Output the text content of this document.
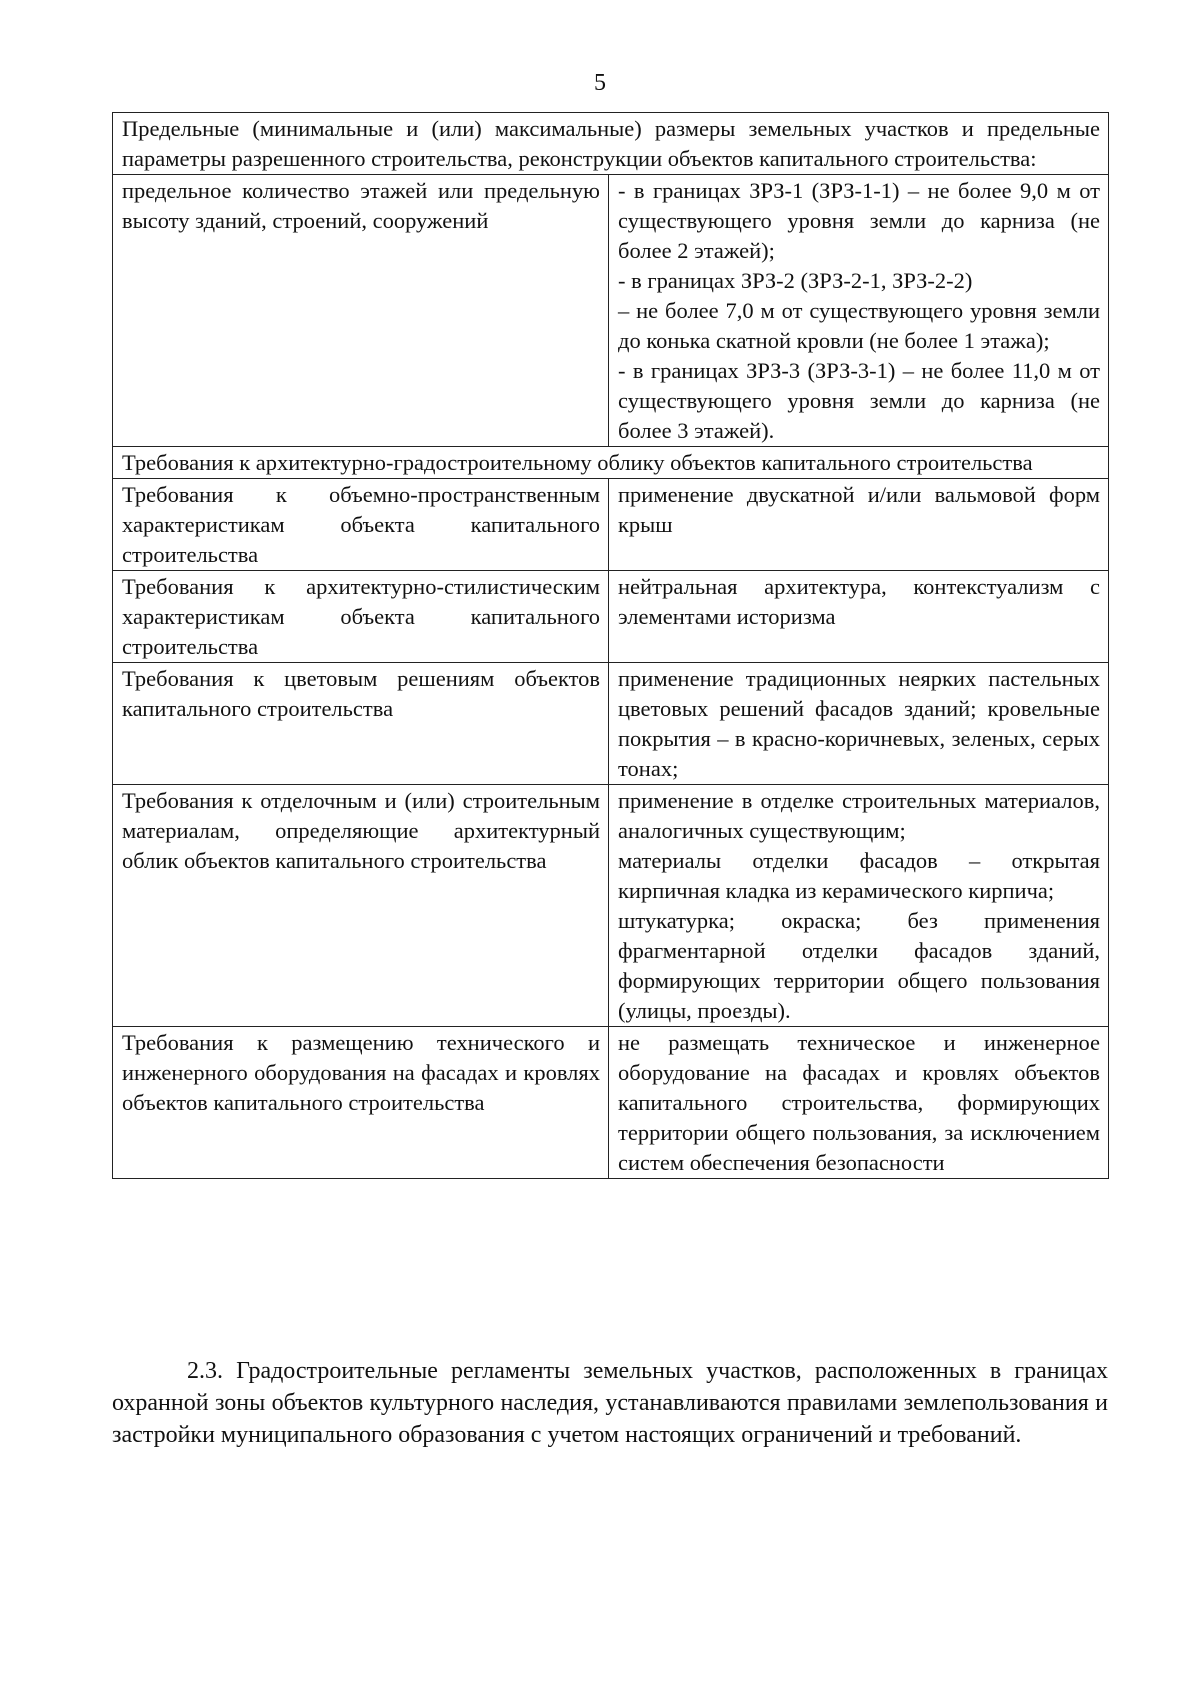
5
Предельные (минимальные и (или) максимальные) размеры земельных участков и предельные параметры разрешенного строительства, реконструкции объектов капитального строительства:	
предельное количество этажей или предельную высоту зданий, строений, сооружений	- в границах ЗРЗ-1 (ЗРЗ-1-1) – не более 9,0 м от существующего уровня земли до карниза (не более 2 этажей);
- в границах ЗРЗ-2 (ЗРЗ-2-1, ЗРЗ-2-2)
– не более 7,0 м от существующего уровня земли до конька скатной кровли (не более 1 этажа);
- в границах ЗРЗ-3 (ЗРЗ-3-1) – не более 11,0 м от существующего уровня земли до карниза (не более 3 этажей).

Требования к архитектурно-градостроительному облику объектов капитального строительства	
Требования к объемно-пространственным характеристикам объекта капитального строительства	применение двускатной и/или вальмовой форм крыш

Требования к архитектурно-стилистическим характеристикам объекта капитального строительства	нейтральная архитектура, контекстуализм с элементами историзма

Требования к цветовым решениям объектов капитального строительства	применение традиционных неярких пастельных цветовых решений фасадов зданий; кровельные покрытия – в красно-коричневых, зеленых, серых тонах;

Требования к отделочным и (или) строительным материалам, определяющие архитектурный облик объектов капитального строительства	применение в отделке строительных материалов, аналогичных существующим;
материалы отделки фасадов – открытая кирпичная кладка из керамического кирпича;
штукатурка; окраска; без применения фрагментарной отделки фасадов зданий, формирующих территории общего пользования (улицы, проезды).

Требования к размещению технического и инженерного оборудования на фасадах и кровлях объектов капитального строительства	не размещать техническое и инженерное оборудование на фасадах и кровлях объектов капитального строительства, формирующих территории общего пользования, за исключением систем обеспечения безопасности

2.3. Градостроительные регламенты земельных участков, расположенных в границах охранной зоны объектов культурного наследия, устанавливаются правилами землепользования и застройки муниципального образования с учетом настоящих ограничений и требований.
